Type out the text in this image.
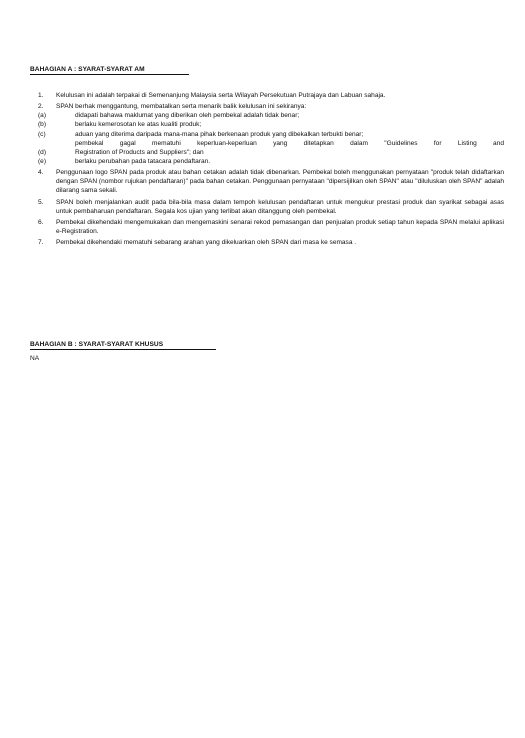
BAHAGIAN A : SYARAT-SYARAT AM
1.	Kelulusan ini adalah terpakai di Semenanjung Malaysia serta Wilayah Persekutuan Putrajaya dan Labuan sahaja.
2.	SPAN berhak menggantung, membatalkan serta menarik balik kelulusan ini sekiranya:
(a)	didapati bahawa maklumat yang diberikan oleh pembekal adalah tidak benar;
(b)	berlaku kemerosotan ke atas kualiti produk;
(c)	aduan yang diterima daripada mana-mana pihak berkenaan produk yang dibekalkan terbukti benar;
pembekal gagal mematuhi keperluan-keperluan yang ditetapkan dalam "Guidelines for Listing and
(d)	Registration of Products and Suppliers"; dan
(e)	berlaku perubahan pada tatacara pendaftaran.
4.	Penggunaan logo SPAN pada produk atau bahan cetakan adalah tidak dibenarkan. Pembekal boleh menggunakan pernyataan "produk telah didaftarkan dengan SPAN (nombor rujukan pendaftaran)" pada bahan cetakan. Penggunaan pernyataan "dipersijilkan oleh SPAN" atau "diluluskan oleh SPAN" adalah dilarang sama sekali.
5.	SPAN boleh menjalankan audit pada bila-bila masa dalam tempoh kelulusan pendaftaran untuk mengukur prestasi produk dan syarikat sebagai asas untuk pembaharuan pendaftaran. Segala kos ujian yang terlibat akan ditanggung oleh pembekal.
6.	Pembekal dikehendaki mengemukakan dan mengemaskini senarai rekod pemasangan dan penjualan produk setiap tahun kepada SPAN melalui aplikasi e-Registration.
7.	Pembekal dikehendaki mematuhi sebarang arahan yang dikeluarkan oleh SPAN dari masa ke semasa .
BAHAGIAN B : SYARAT-SYARAT KHUSUS
NA
